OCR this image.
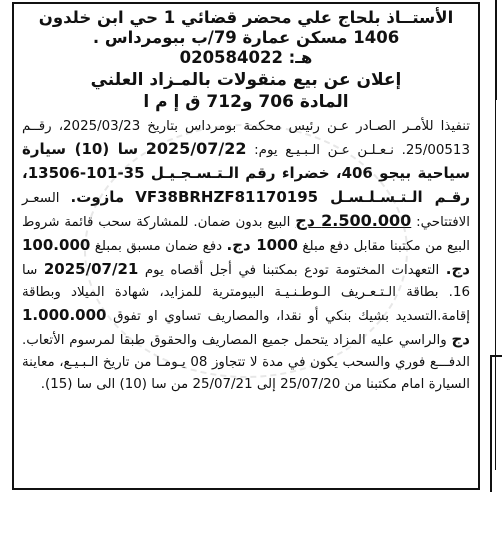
الأستــاذ بلحاج علي محضر قضائي 1 حي ابن خلدون
1406 مسكن عمارة 79/ب ببومرداس .
هـ: 020584022
إعلان عن بيع منقولات بالمـزاد العلني
المادة 706 و712 ق إ م ا
تنفيذا للأمـر الصـادر عـن رئيس محكمة بومرداس بتاريخ 2025/03/23، رقــم 25/00513. نـعـلـن عـن الـبـيـع يوم: 2025/07/22 سا (10) سيارة سياحية بيجو 406، خضراء رقم الـتـسـجـيـل 35-101-13506، رقـم الـتـسـلـسـل VF38BRHZF81170195 مازوت. السعـر الافتتاحي: 2.500.000 دج البيع بدون ضمان. للمشاركة سحب قائمة شروط البيع من مكتبنا مقابل دفع مبلغ 1000 دج. دفع ضمان مسبق بمبلغ 100.000 دج. التعهدات المختومة تودع بمكتبنا في أجل أقصاه يوم 2025/07/21 سا 16. بطاقة الـتـعـريف الـوطـنـيـة البيومترية للمزايد، شهادة الميلاد وبطاقة إقامة.التسديد بشيك بنكي أو نقدا، والمصاريف تساوي او تفوق 1.000.000 دج والراسي عليه المزاد يتحمل جميع المصاريف والحقوق طبقا لمرسوم الأتعاب. الدفـــع فوري والسحب يكون في مدة لا تتجاوز 08 يـومـا من تاريخ الـبـيـع، معاينة السيارة امام مكتبنا من 25/07/20 إلى 25/07/21 من سا (10) الى سا (15).
